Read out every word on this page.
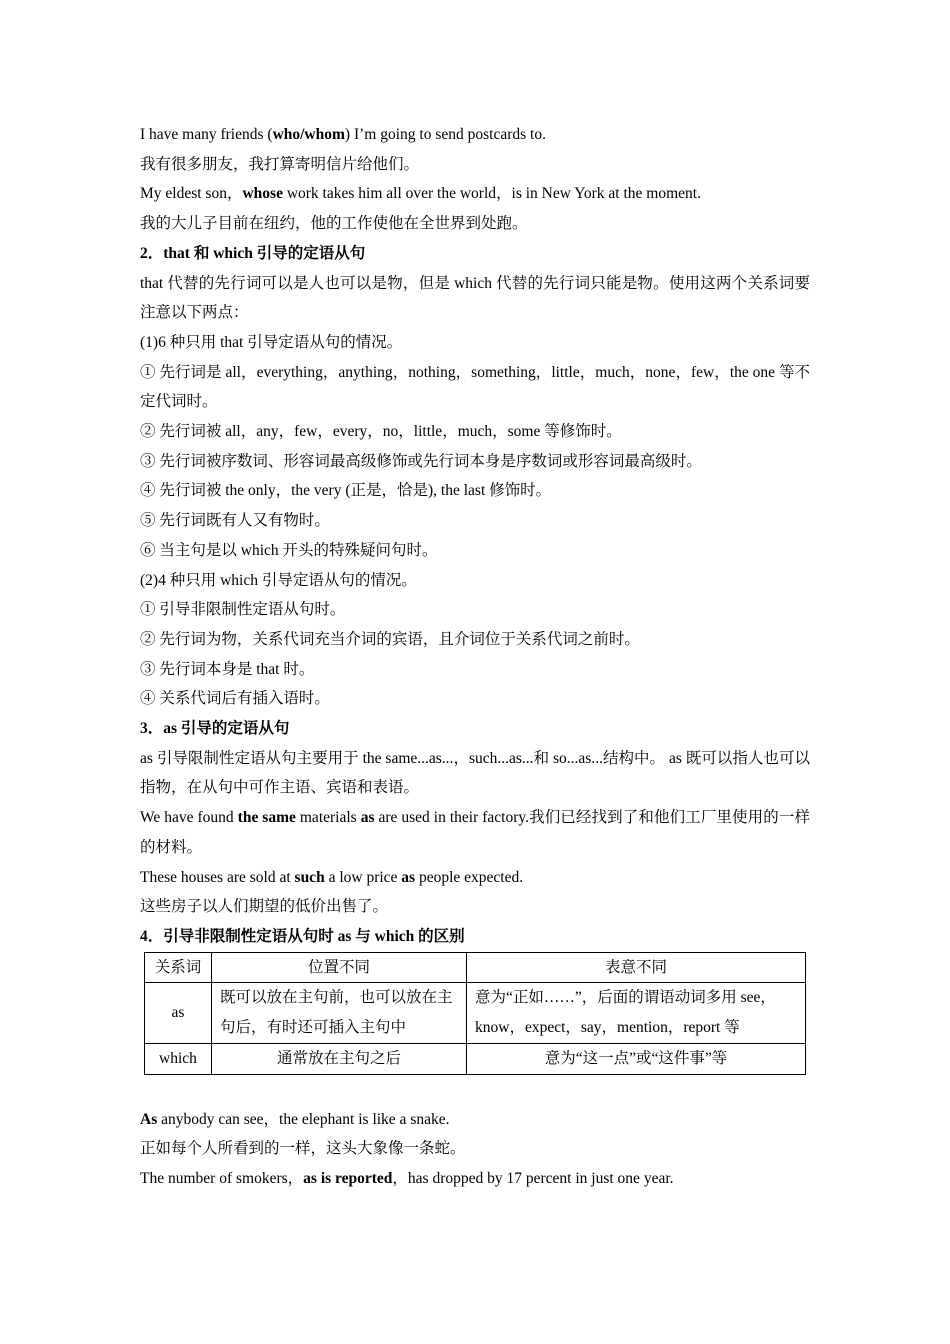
I have many friends (who/whom) I’m going to send postcards to.

我有很多朋友，我打算寄明信片给他们。

My eldest son，whose work takes him all over the world，is in New York at the moment.

我的大儿子目前在纽约，他的工作使他在全世界到处跑。

2．that 和 which 引导的定语从句

that 代替的先行词可以是人也可以是物，但是 which 代替的先行词只能是物。使用这两个关系词要注意以下两点：

(1)6 种只用 that 引导定语从句的情况。

① 先行词是 all，everything，anything，nothing，something，little，much，none，few，the one 等不定代词时。

② 先行词被 all，any，few，every，no，little，much，some 等修饰时。

③ 先行词被序数词、形容词最高级修饰或先行词本身是序数词或形容词最高级时。

④ 先行词被 the only，the very (正是，恰是), the last 修饰时。

⑤ 先行词既有人又有物时。

⑥ 当主句是以 which 开头的特殊疑问句时。

(2)4 种只用 which 引导定语从句的情况。

① 引导非限制性定语从句时。

② 先行词为物，关系代词充当介词的宾语，且介词位于关系代词之前时。

③ 先行词本身是 that 时。

④ 关系代词后有插入语时。

3．as 引导的定语从句

as 引导限制性定语从句主要用于 the same...as...，such...as...和 so...as...结构中。 as 既可以指人也可以指物，在从句中可作主语、宾语和表语。

We have found the same materials as are used in their factory.我们已经找到了和他们工厂里使用的一样的材料。

These houses are sold at such a low price as people expected.

这些房子以人们期望的低价出售了。

4．引导非限制性定语从句时 as 与 which 的区别

关系词	位置不同	表意不同
as	既可以放在主句前，也可以放在主句后，有时还可插入主句中	意为“正如……”，后面的谓语动词多用 see，know，expect，say，mention，report 等
which	通常放在主句之后	意为“这一点”或“这件事”等

As anybody can see，the elephant is like a snake.

正如每个人所看到的一样，这头大象像一条蛇。

The number of smokers，as is reported，has dropped by 17 percent in just one year.
